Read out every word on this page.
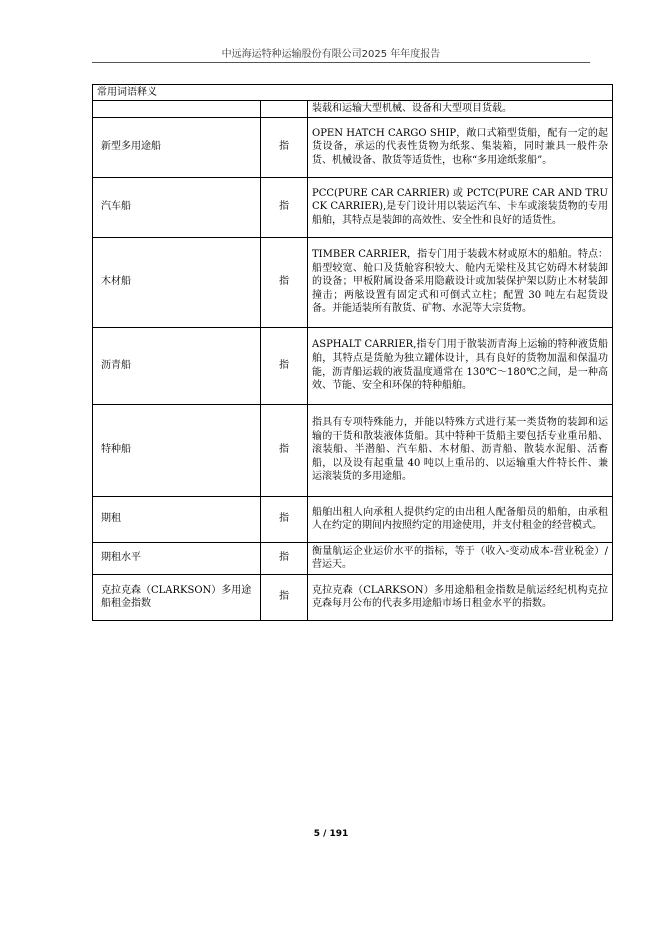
中远海运特种运输股份有限公司2025 年年度报告
常用词语释义		
		装载和运输大型机械、设备和大型项目货载。
新型多用途船	指	OPEN HATCH CARGO SHIP，敞口式箱型货船，配有一定的起货设备，承运的代表性货物为纸浆、集装箱，同时兼具一般件杂货、机械设备、散货等适货性，也称“多用途纸浆船”。
汽车船	指	PCC(PURE CAR CARRIER) 或 PCTC(PURE CAR AND TRUCK CARRIER),是专门设计用以装运汽车、卡车或滚装货物的专用船舶，其特点是装卸的高效性、安全性和良好的适货性。
木材船	指	TIMBER CARRIER，指专门用于装载木材或原木的船舶。特点：船型较宽、舱口及货舱容积较大、舱内无梁柱及其它妨碍木材装卸的设备；甲板附属设备采用隐蔽设计或加装保护架以防止木材装卸撞击；两舷设置有固定式和可倒式立柱；配置 30 吨左右起货设备。并能适装所有散货、矿物、水泥等大宗货物。
沥青船	指	ASPHALT CARRIER,指专门用于散装沥青海上运输的特种液货船舶，其特点是货舱为独立罐体设计，具有良好的货物加温和保温功能，沥青船运载的液货温度通常在 130℃～180℃之间，是一种高效、节能、安全和环保的特种船舶。
特种船	指	指具有专项特殊能力，并能以特殊方式进行某一类货物的装卸和运输的干货和散装液体货船。其中特种干货船主要包括专业重吊船、滚装船、半潜船、汽车船、木材船、沥青船、散装水泥船、活畜船，以及设有起重量 40 吨以上重吊的、以运输重大件特长件、兼运滚装货的多用途船。
期租	指	船舶出租人向承租人提供约定的由出租人配备船员的船舶，由承租人在约定的期间内按照约定的用途使用，并支付租金的经营模式。
期租水平	指	衡量航运企业运价水平的指标，等于（收入-变动成本-营业税金）/营运天。
克拉克森（CLARKSON）多用途船租金指数	指	克拉克森（CLARKSON）多用途船租金指数是航运经纪机构克拉克森每月公布的代表多用途船市场日租金水平的指数。
5 / 191
